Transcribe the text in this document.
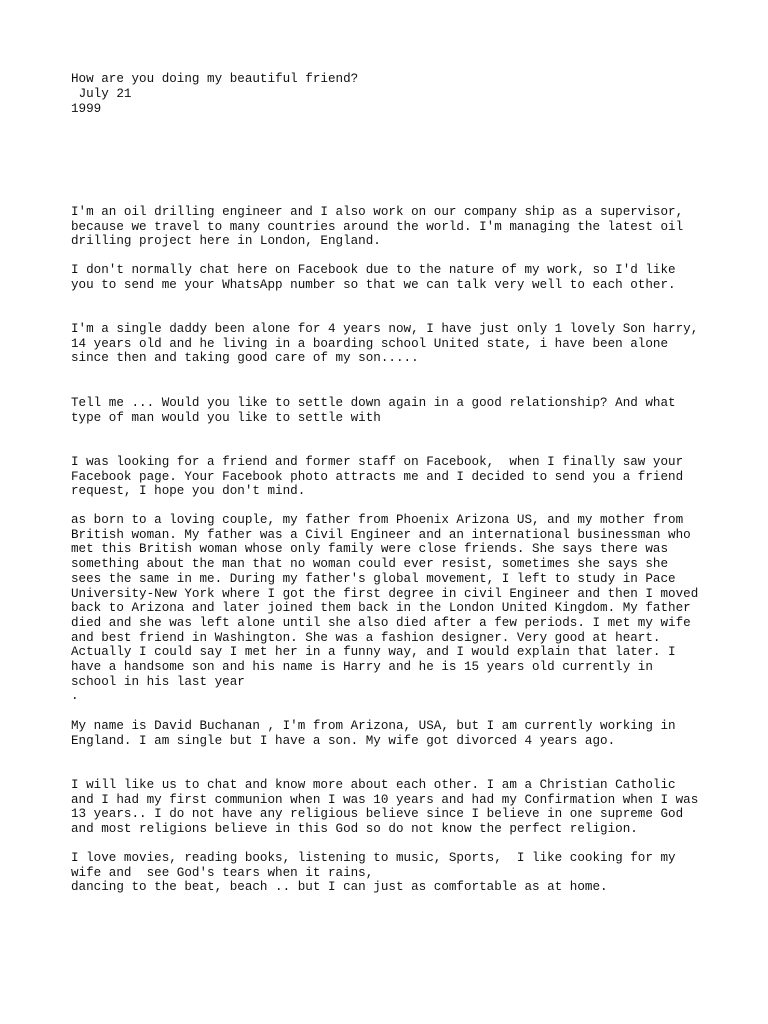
How are you doing my beautiful friend?
July 21
1999

I'm an oil drilling engineer and I also work on our company ship as a supervisor,
because we travel to many countries around the world. I'm managing the latest oil
drilling project here in London, England.

I don't normally chat here on Facebook due to the nature of my work, so I'd like
you to send me your WhatsApp number so that we can talk very well to each other.

I'm a single daddy been alone for 4 years now, I have just only 1 lovely Son harry,
14 years old and he living in a boarding school United state, i have been alone
since then and taking good care of my son.....

Tell me ... Would you like to settle down again in a good relationship? And what
type of man would you like to settle with

I was looking for a friend and former staff on Facebook,  when I finally saw your
Facebook page. Your Facebook photo attracts me and I decided to send you a friend
request, I hope you don't mind.

as born to a loving couple, my father from Phoenix Arizona US, and my mother from
British woman. My father was a Civil Engineer and an international businessman who
met this British woman whose only family were close friends. She says there was
something about the man that no woman could ever resist, sometimes she says she
sees the same in me. During my father's global movement, I left to study in Pace
University-New York where I got the first degree in civil Engineer and then I moved
back to Arizona and later joined them back in the London United Kingdom. My father
died and she was left alone until she also died after a few periods. I met my wife
and best friend in Washington. She was a fashion designer. Very good at heart.
Actually I could say I met her in a funny way, and I would explain that later. I
have a handsome son and his name is Harry and he is 15 years old currently in
school in his last year
.

My name is David Buchanan , I'm from Arizona, USA, but I am currently working in
England. I am single but I have a son. My wife got divorced 4 years ago.

I will like us to chat and know more about each other. I am a Christian Catholic
and I had my first communion when I was 10 years and had my Confirmation when I was
13 years.. I do not have any religious believe since I believe in one supreme God
and most religions believe in this God so do not know the perfect religion.

I love movies, reading books, listening to music, Sports,  I like cooking for my
wife and  see God's tears when it rains,
dancing to the beat, beach .. but I can just as comfortable as at home.
